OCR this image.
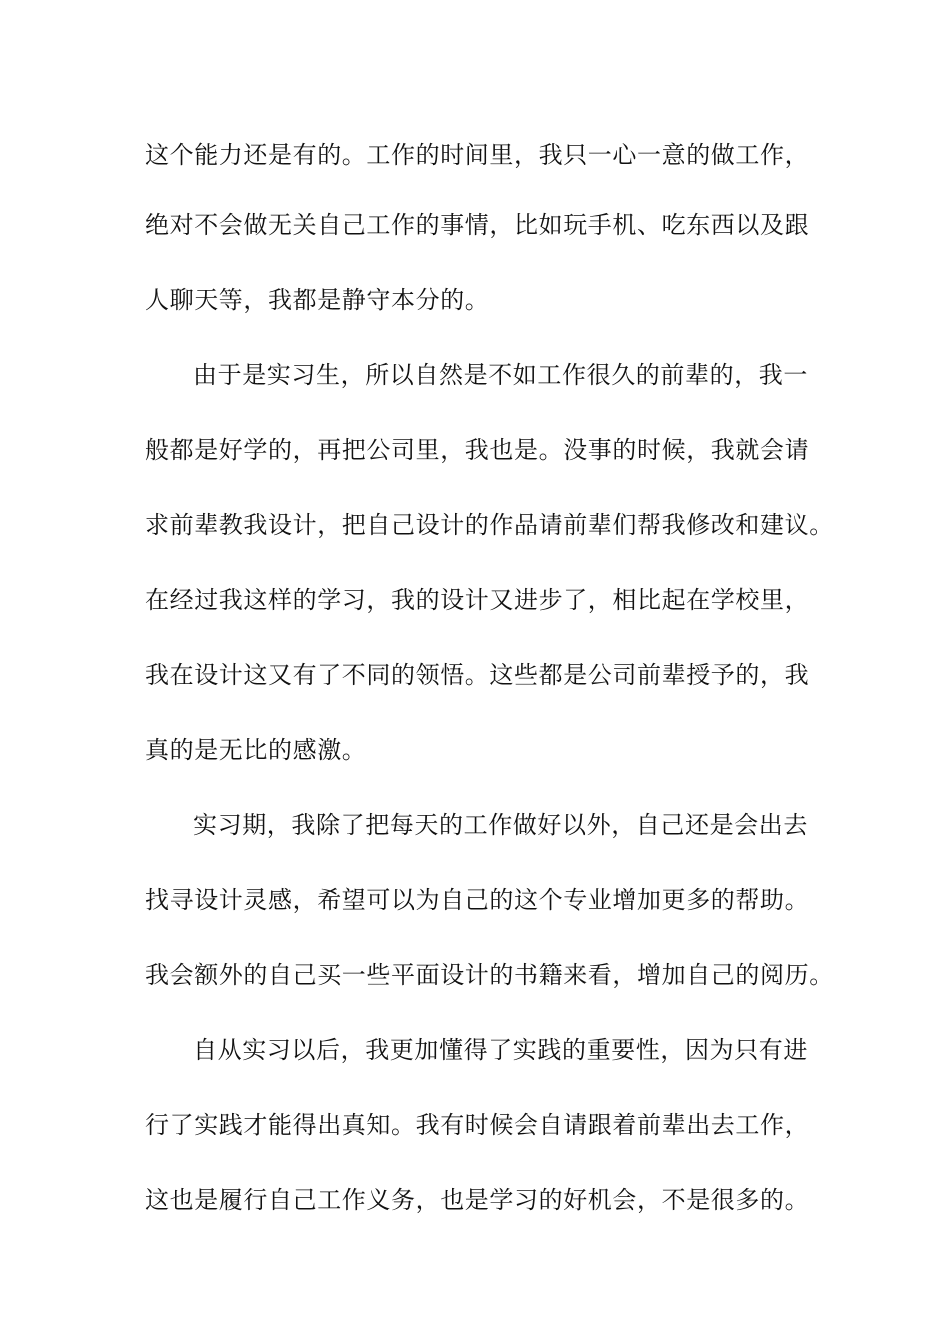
这个能力还是有的。工作的时间里，我只一心一意的做工作，
绝对不会做无关自己工作的事情，比如玩手机、吃东西以及跟
人聊天等，我都是静守本分的。
由于是实习生，所以自然是不如工作很久的前辈的，我一
般都是好学的，再把公司里，我也是。没事的时候，我就会请
求前辈教我设计，把自己设计的作品请前辈们帮我修改和建议。
在经过我这样的学习，我的设计又进步了，相比起在学校里，
我在设计这又有了不同的领悟。这些都是公司前辈授予的，我
真的是无比的感激。
实习期，我除了把每天的工作做好以外，自己还是会出去
找寻设计灵感，希望可以为自己的这个专业增加更多的帮助。
我会额外的自己买一些平面设计的书籍来看，增加自己的阅历。
自从实习以后，我更加懂得了实践的重要性，因为只有进
行了实践才能得出真知。我有时候会自请跟着前辈出去工作，
这也是履行自己工作义务，也是学习的好机会，不是很多的。
